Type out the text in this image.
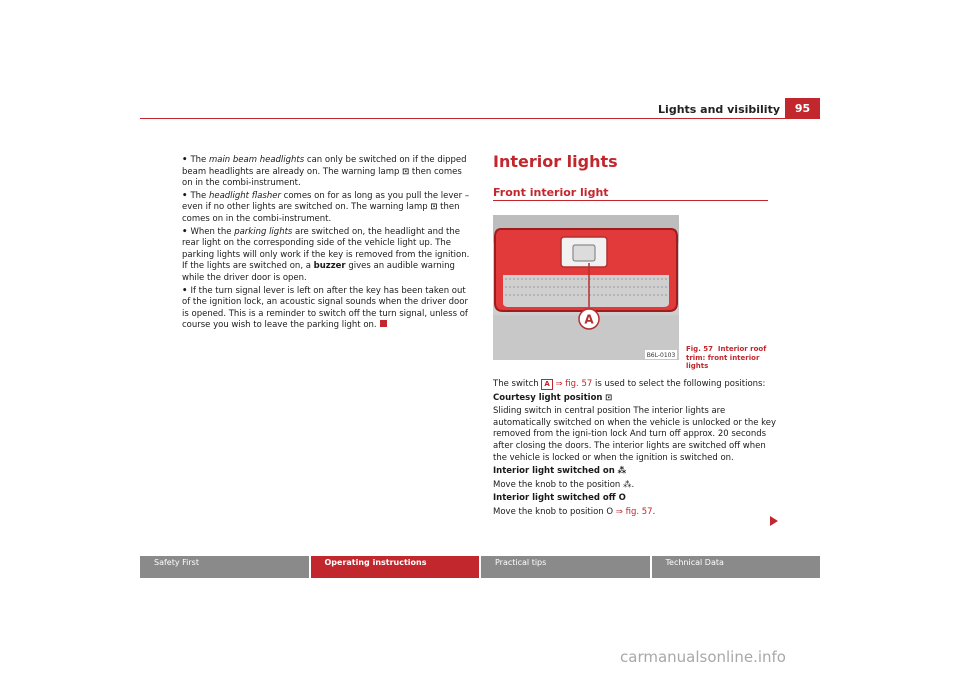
Lights and visibility	95

• The main beam headlights can only be switched on if the dipped beam headlights are already on. The warning lamp ⊡ then comes on in the combi-instrument.

• The headlight flasher comes on for as long as you pull the lever – even if no other lights are switched on. The warning lamp ⊡ then comes on in the combi-instrument.

• When the parking lights are switched on, the headlight and the rear light on the corresponding side of the vehicle light up. The parking lights will only work if the key is removed from the ignition. If the lights are switched on, a buzzer gives an audible warning while the driver door is open.

• If the turn signal lever is left on after the key has been taken out of the ignition lock, an acoustic signal sounds when the driver door is opened. This is a reminder to switch off the turn signal, unless of course you wish to leave the parking light on.

Interior lights
Front interior light
A
B6L-0103
Fig. 57 Interior roof trim: front interior lights

The switch A ⇒ fig. 57 is used to select the following positions:

Courtesy light position ⊡

Sliding switch in central position The interior lights are automatically switched on when the vehicle is unlocked or the key removed from the igni-tion lock And turn off approx. 20 seconds after closing the doors. The interior lights are switched off when the vehicle is locked or when the ignition is switched on.

Interior light switched on ⁂

Move the knob to the position ⁂.

Interior light switched off O

Move the knob to position O ⇒ fig. 57.

Safety First	Operating instructions	Practical tips	Technical Data
carmanualsonline.info
